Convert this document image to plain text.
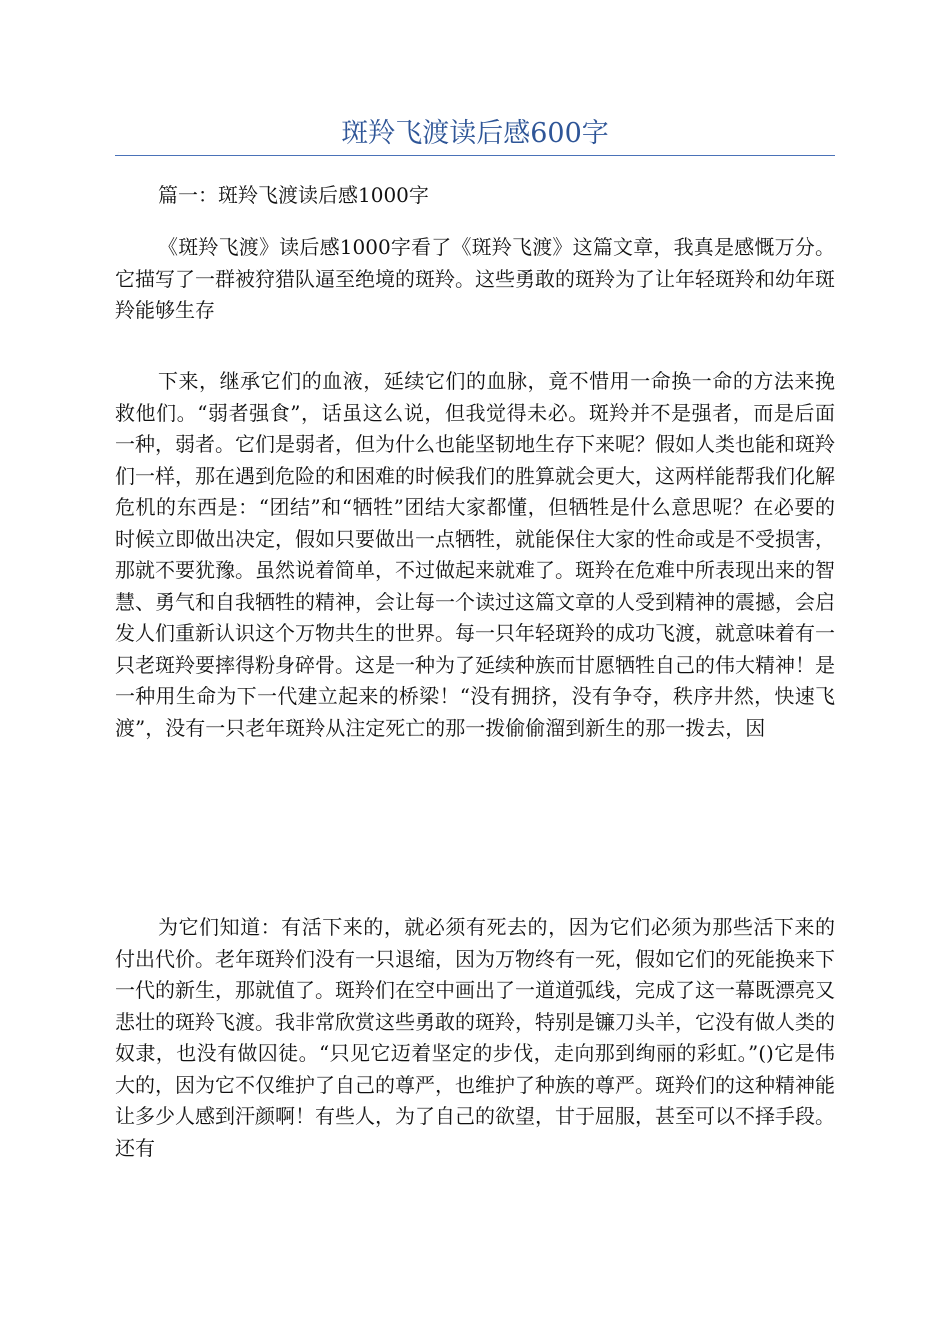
斑羚飞渡读后感600字

篇一：斑羚飞渡读后感1000字

《斑羚飞渡》读后感1000字看了《斑羚飞渡》这篇文章，我真是感慨万分。它描写了一群被狩猎队逼至绝境的斑羚。这些勇敢的斑羚为了让年轻斑羚和幼年斑羚能够生存

下来，继承它们的血液，延续它们的血脉，竟不惜用一命换一命的方法来挽救他们。“弱者强食”，话虽这么说，但我觉得未必。斑羚并不是强者，而是后面一种，弱者。它们是弱者，但为什么也能坚韧地生存下来呢？假如人类也能和斑羚们一样，那在遇到危险的和困难的时候我们的胜算就会更大，这两样能帮我们化解危机的东西是：“团结”和“牺牲”团结大家都懂，但牺牲是什么意思呢？在必要的时候立即做出决定，假如只要做出一点牺牲，就能保住大家的性命或是不受损害，那就不要犹豫。虽然说着简单，不过做起来就难了。斑羚在危难中所表现出来的智慧、勇气和自我牺牲的精神，会让每一个读过这篇文章的人受到精神的震撼，会启发人们重新认识这个万物共生的世界。每一只年轻斑羚的成功飞渡，就意味着有一只老斑羚要摔得粉身碎骨。这是一种为了延续种族而甘愿牺牲自己的伟大精神！是一种用生命为下一代建立起来的桥梁！“没有拥挤，没有争夺，秩序井然，快速飞渡”，没有一只老年斑羚从注定死亡的那一拨偷偷溜到新生的那一拨去，因

为它们知道：有活下来的，就必须有死去的，因为它们必须为那些活下来的付出代价。老年斑羚们没有一只退缩，因为万物终有一死，假如它们的死能换来下一代的新生，那就值了。斑羚们在空中画出了一道道弧线，完成了这一幕既漂亮又悲壮的斑羚飞渡。我非常欣赏这些勇敢的斑羚，特别是镰刀头羊，它没有做人类的奴隶，也没有做囚徒。“只见它迈着坚定的步伐，走向那到绚丽的彩虹。”()它是伟大的，因为它不仅维护了自己的尊严，也维护了种族的尊严。斑羚们的这种精神能让多少人感到汗颜啊！有些人，为了自己的欲望，甘于屈服，甚至可以不择手段。还有
